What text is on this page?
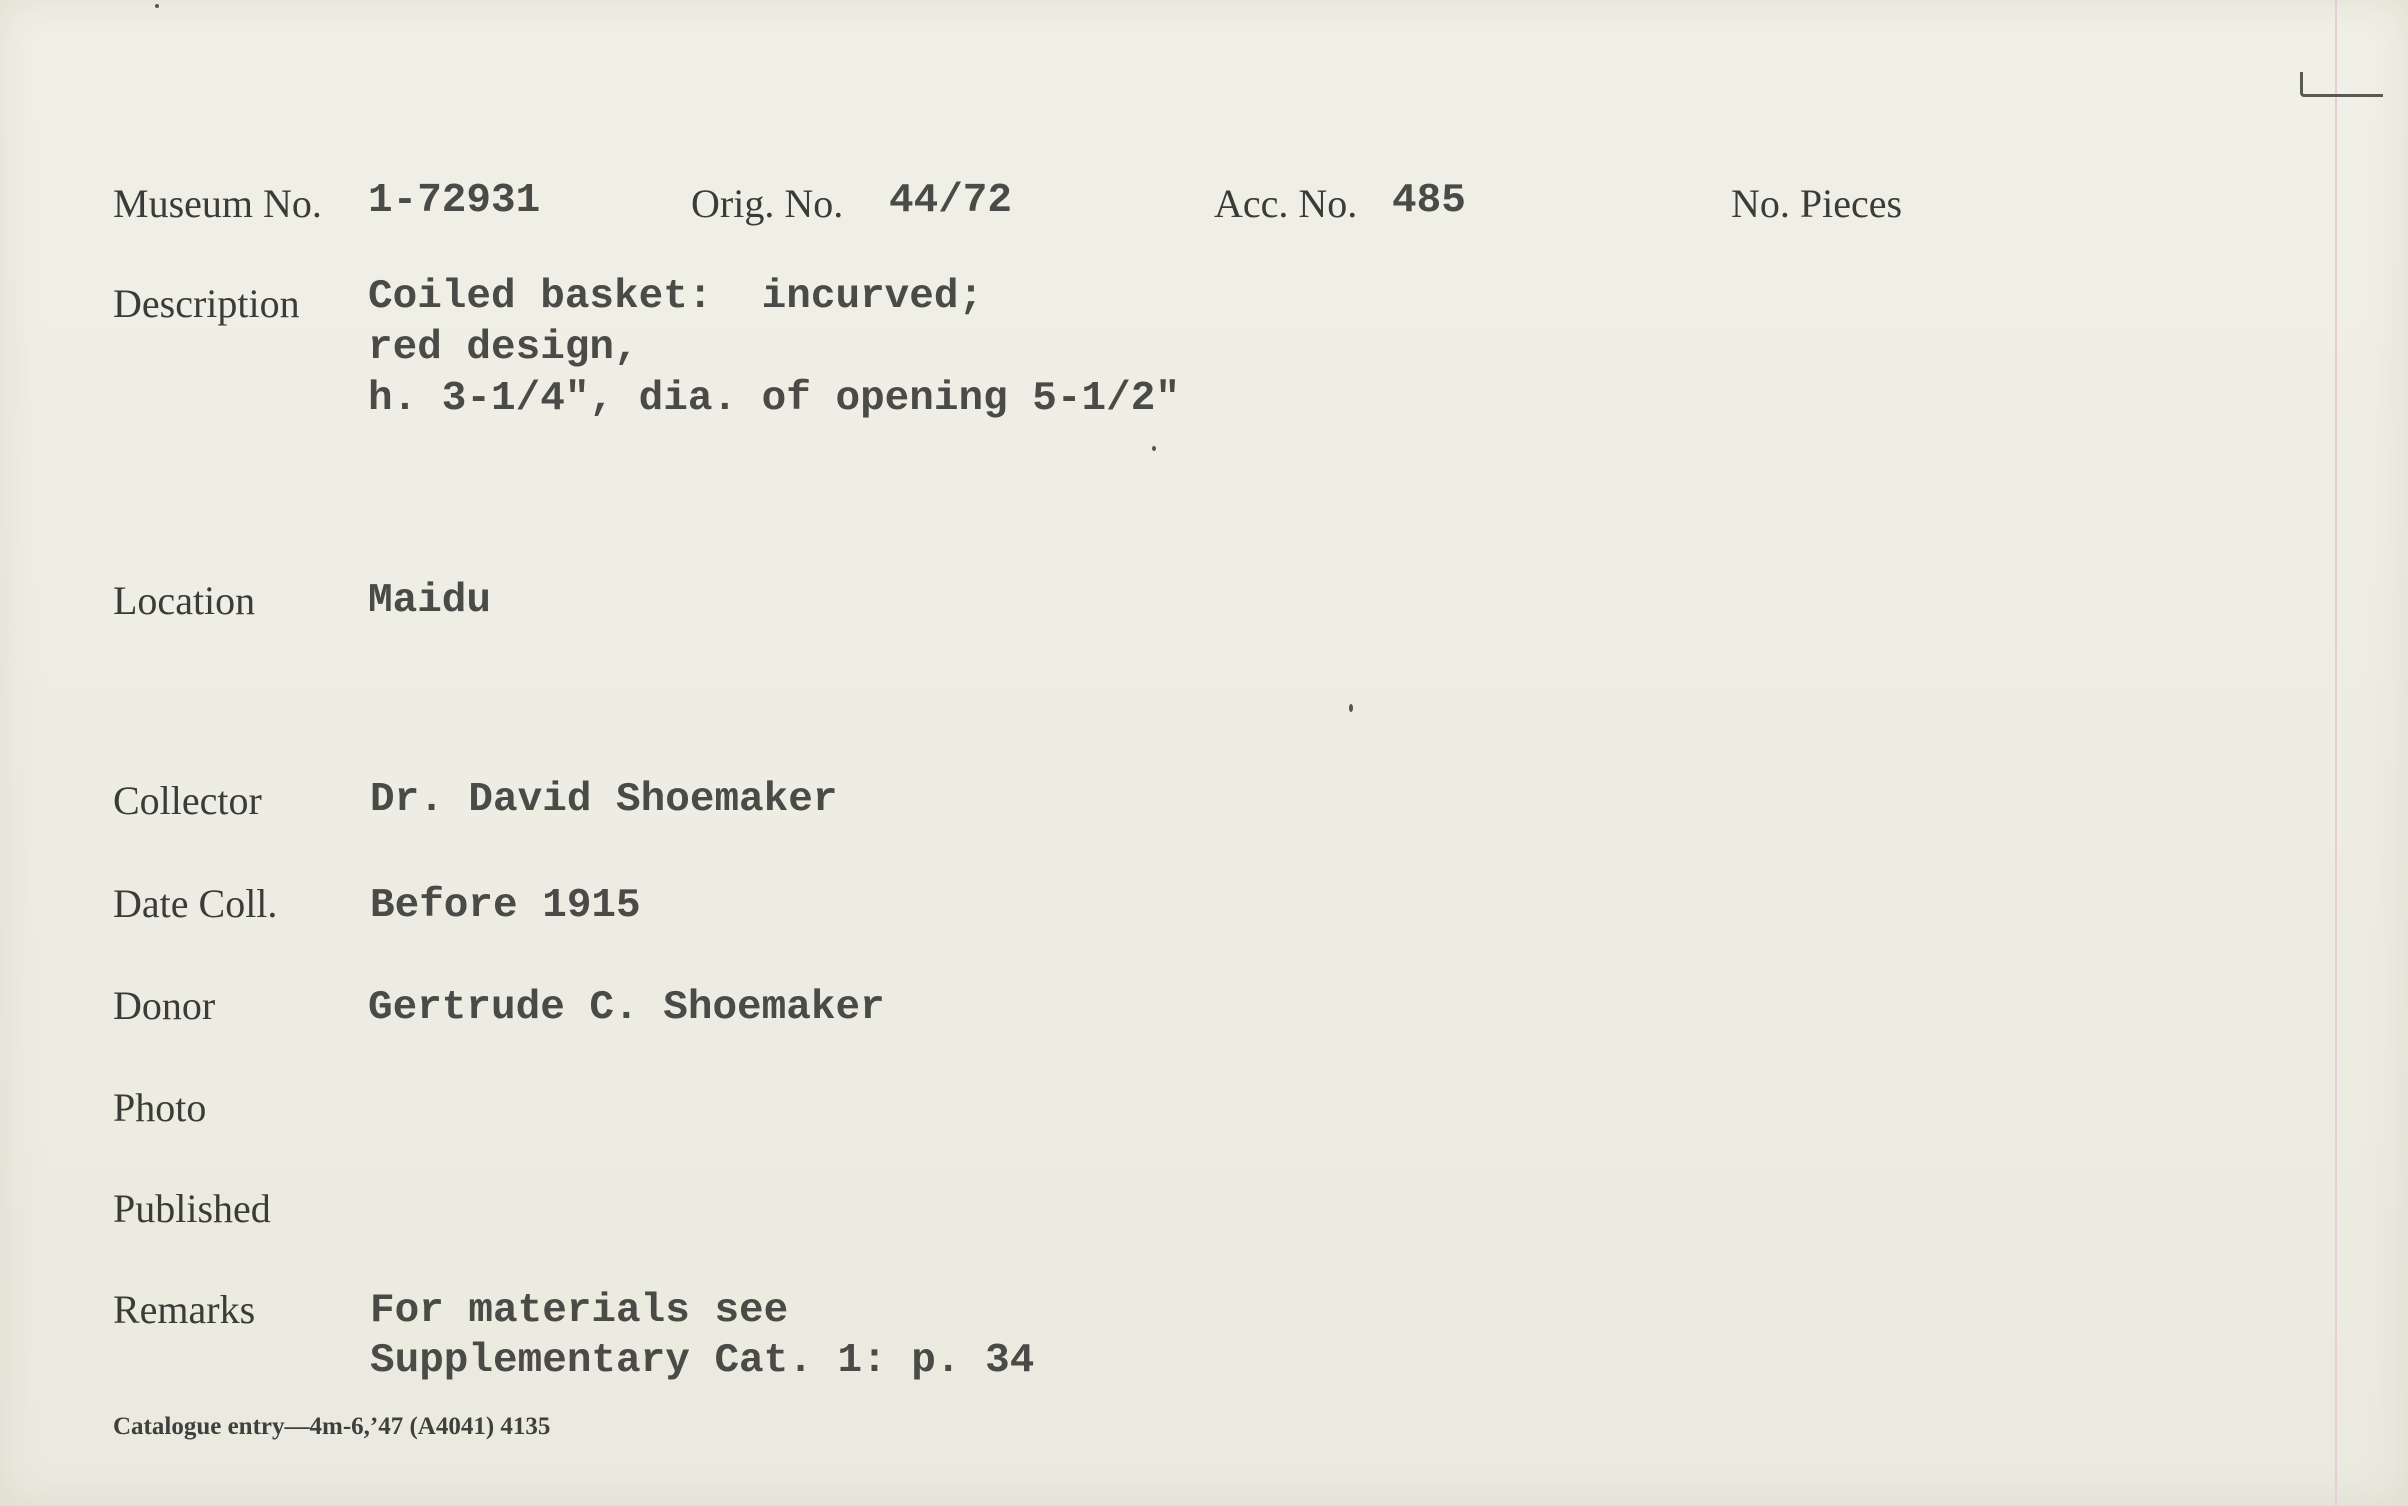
Museum No. 1-72931	Orig. No. 44/72	Acc. No. 485	No. Pieces
Description Coiled basket:  incurved;
red design,
h. 3-1/4", dia. of opening 5-1/2"
Location	Maidu
Collector	Dr. David Shoemaker
Date Coll. Before 1915
Donor	Gertrude C. Shoemaker
Photo
Published
Remarks	For materials see
Supplementary Cat. 1: p. 34
Catalogue entry—4m-6,’47 (A4041) 4135
